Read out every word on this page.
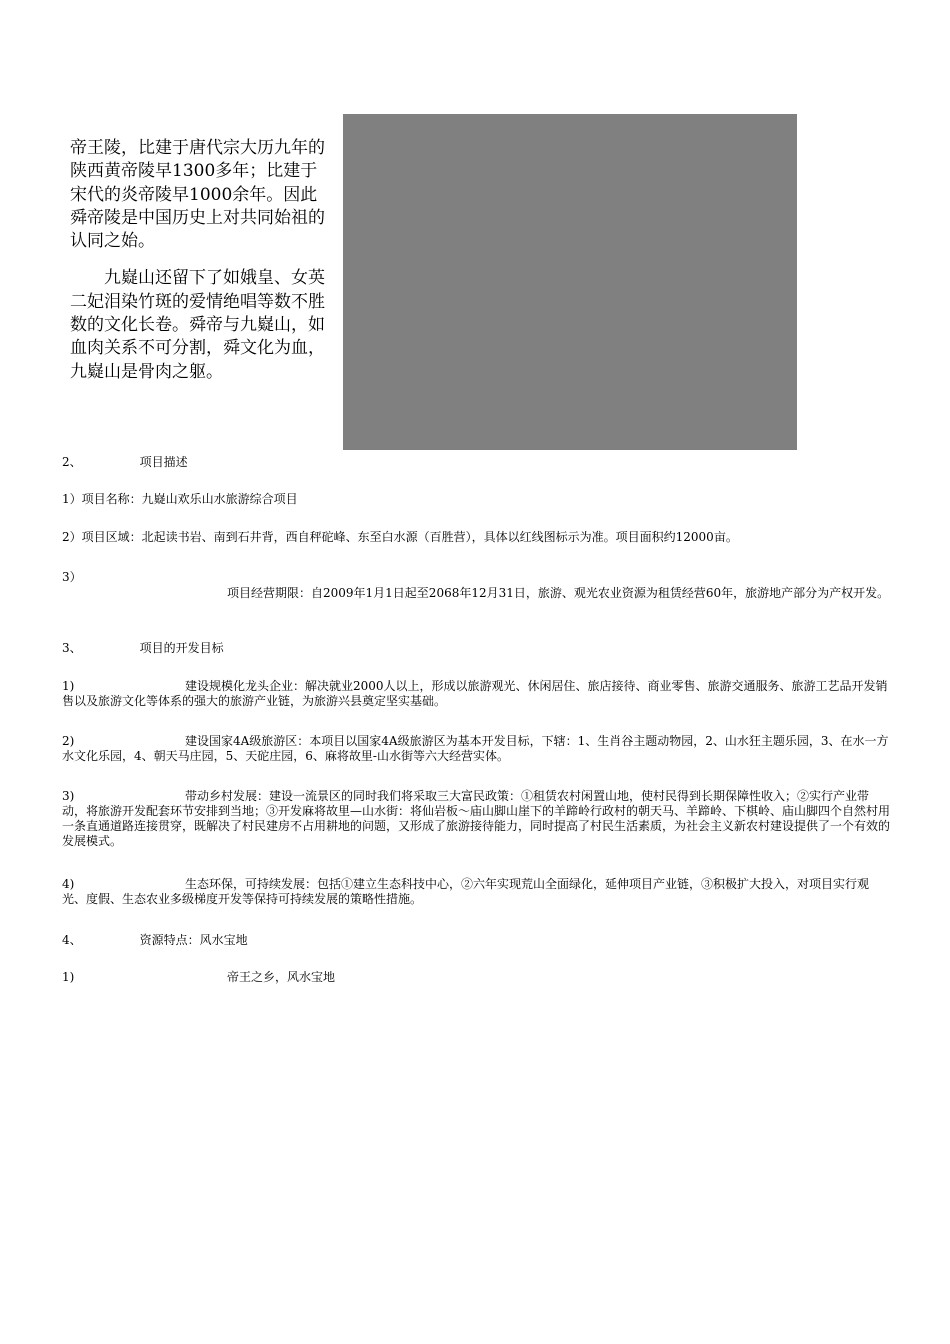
帝王陵，比建于唐代宗大历九年的陕西黄帝陵早1300多年；比建于宋代的炎帝陵早1000余年。因此舜帝陵是中国历史上对共同始祖的认同之始。

九嶷山还留下了如娥皇、女英二妃泪染竹斑的爱情绝唱等数不胜数的文化长卷。舜帝与九嶷山，如血肉关系不可分割，舜文化为血，九嶷山是骨肉之躯。

2、	项目描述
1）项目名称：九嶷山欢乐山水旅游综合项目
2）项目区域：北起读书岩、南到石井背，西自秤砣峰、东至白水源（百胜营），具体以红线图标示为准。项目面积约12000亩。
3）
项目经营期限：自2009年1月1日起至2068年12月31日，旅游、观光农业资源为租赁经营60年，旅游地产部分为产权开发。
3、	项目的开发目标
1)	建设规模化龙头企业：解决就业2000人以上，形成以旅游观光、休闲居住、旅店接待、商业零售、旅游交通服务、旅游工艺品开发销售以及旅游文化等体系的强大的旅游产业链，为旅游兴县奠定坚实基础。
2)	建设国家4A级旅游区：本项目以国家4A级旅游区为基本开发目标，下辖：1、生肖谷主题动物园，2、山水狂主题乐园，3、在水一方水文化乐园，4、朝天马庄园，5、天砣庄园，6、麻将故里-山水街等六大经营实体。
3)	带动乡村发展：建设一流景区的同时我们将采取三大富民政策：①租赁农村闲置山地，使村民得到长期保障性收入；②实行产业带动，将旅游开发配套环节安排到当地；③开发麻将故里—山水街：将仙岩板～庙山脚山崖下的羊蹄岭行政村的朝天马、羊蹄岭、下棋岭、庙山脚四个自然村用一条直通道路连接贯穿，既解决了村民建房不占用耕地的问题，又形成了旅游接待能力，同时提高了村民生活素质，为社会主义新农村建设提供了一个有效的发展模式。
4)	生态环保，可持续发展：包括①建立生态科技中心，②六年实现荒山全面绿化，延伸项目产业链，③积极扩大投入，对项目实行观光、度假、生态农业多级梯度开发等保持可持续发展的策略性措施。
4、	资源特点：风水宝地
1)	帝王之乡，风水宝地
